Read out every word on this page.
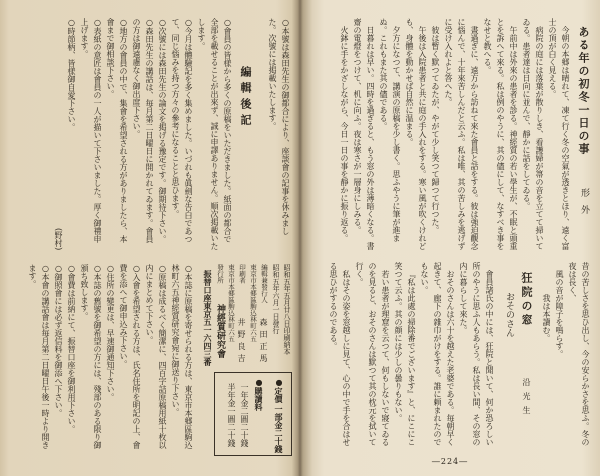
ある年の初冬一日の事
形外

今朝の本郷は晴れて、凍て行く冬の空氣が透きとほり、遠く富士の頂が白く見える。

病院の庭には落葉が散りしき、看護婦が箒の音を立てて掃いてゐる。患者達は日向に並んで、靜かに話をしてゐる。

午前中は外來の患者を診る。神經質の若い學生が、不眠と頭重とを訴へて來る。私は例のやうに、其の儘にして、なすべき事をなせと教へる。

晝過ぎに、遠方から訪ねて來た會員と話をする。彼は強迫觀念に惱んで、十年來苦しんだと云ふ。私は唯、其の苦しみを逃げずに受け入れよと答へた。

彼は暫く默つてゐたが、やがて少し笑つて歸つて行つた。

午後は入院患者と共に庭の手入れをする。寒い風が吹くけれども、身體を動かせば自然に温まる。

夕方になつて、講演の原稿を少し書く。思ふやうに筆が進まぬ。これもまた其の儘である。

日暮れは早い。四時を過ぎると、もう窓の外は薄暗くなる。書齋の電燈をつけて、机に向ふ。夜は寒さが一層身にしみる。

火鉢に手をかざしながら、今日一日の事を靜かに振り返る。

昔の苦しさを思ひ出し、今の安らかさを思ふ。冬の夜は長く、

風の音が障子を鳴らす。

我は本讀む。

狂院の窓
おそのさん
沿光生

會員諸氏の中には、狂院と聞いて、何か恐ろしい所のやうに思ふ人もあらう。私は長い間、その窓の内に暮らして來た。

おそのさんは六十を越えた老婆である。毎朝早く起きて、廊下の雜巾がけをする。誰に頼まれたのでもない。

『私は此處の掃除番でございます』と、にこにこ笑つて云ふ。其の顔には少しの曇りもない。

若い患者が理窟を云つて、何もしないで寢てゐるのを見ると、おそのさんは默つて其の枕元を拭いて行く。

私はその姿を窓越しに見て、心の中で手を合はせる思ひがするのである。

―224―

○本號は森田先生の御都合により、座談會の記事を休みました。次號には掲載いたします。

編輯後記

○會員の皆様から多くの原稿をいただきました。紙面の都合で全部を載せることが出來ず、誠に申譯ありません。順次掲載いたします。

○今月は體驗記を多く集めました。いづれも眞劍な告白であつて、同じ惱みを持つ方々の參考になることと思ひます。

○次號には森田先生の論文を掲げる豫定です。御期待下さい。

○森田先生の講話は、毎月第二日曜日に開かれてゐます。會員の方は御遠慮なく御出席下さい。

○地方の會員の中で、集會を希望される方がありましたら、本會まで御相談下さい。

○表紙の意匠は會員の一人が描いて下さいました。厚く御禮申上げます。

○時節柄、皆様御自愛下さい。

(野村)

○本誌に原稿を寄せられる方は、東京市本郷區駒込林町六五神經質研究會宛に御送り下さい。

○原稿は成るべく簡潔に、四百字詰原稿用紙十枚以内にまとめて下さい。

○入會を希望される方は、氏名住所を明記の上、會費を添へて御申込み下さい。

○住所の變更は、早速御通知下さい。

○本誌の舊號を御希望の方には、殘部のある限り御頒ち致します。

○會費は前納にて、振替口座を御利用下さい。

○御照會には必ず返信料を御添へ下さい。

○本會の講話會は毎月第二日曜日午後一時より開きます。	昭和五年五月廿八日印刷納本
昭和五年六月一日發行
編輯兼發行人
森田正馬
東京市本郷區駒込林町六五
印刷者
井野良吉
東京市本郷區駒込林町六五
發行所
神經質研究會
振替口座東京五一六四三番
●定價
一部金二十錢
●購讀料
一年金二圓二十錢
半年金一圓二十錢
